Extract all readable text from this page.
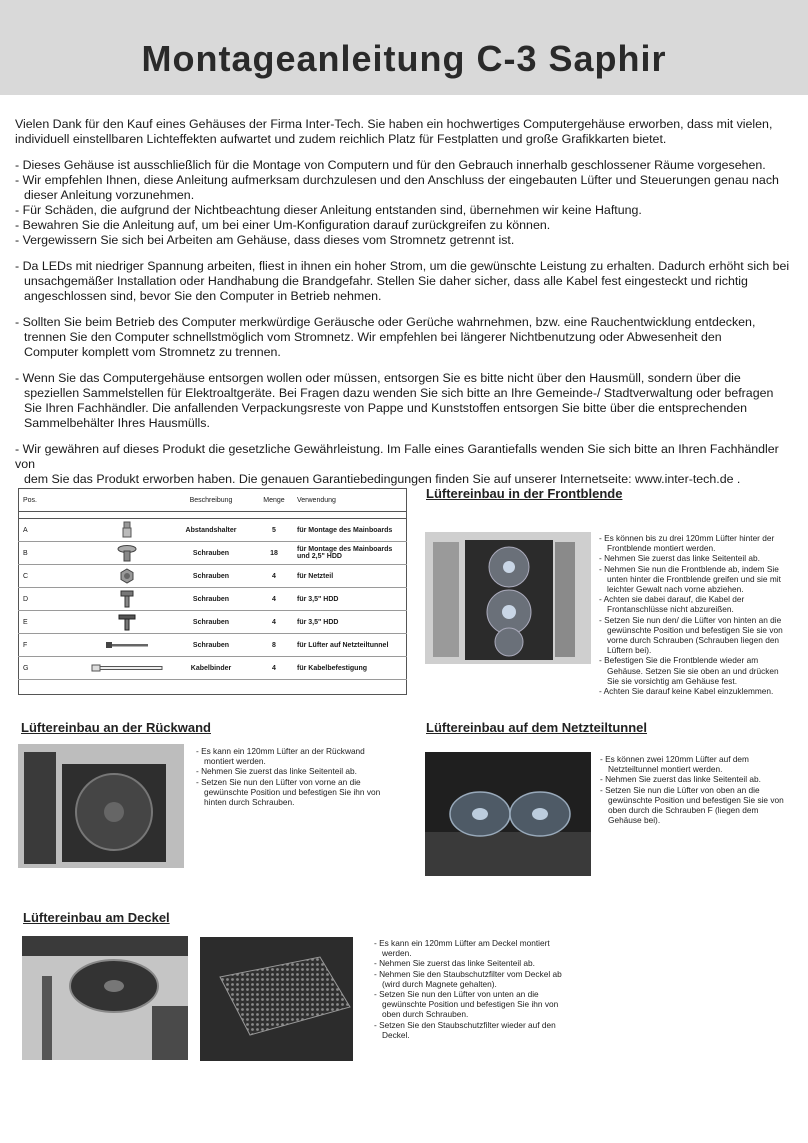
Montageanleitung C-3 Saphir

Vielen Dank für den Kauf eines Gehäuses der Firma Inter-Tech. Sie haben ein hochwertiges Computergehäuse erworben, dass mit vielen,
individuell einstellbaren Lichteffekten aufwartet und zudem reichlich Platz für Festplatten und große Grafikkarten bietet.

- Dieses Gehäuse ist ausschließlich für die Montage von Computern und für den Gebrauch innerhalb geschlossener Räume vorgesehen.
- Wir empfehlen Ihnen, diese Anleitung aufmerksam durchzulesen und den Anschluss der eingebauten Lüfter und Steuerungen genau nach
dieser Anleitung vorzunehmen.
- Für Schäden, die aufgrund der Nichtbeachtung dieser Anleitung entstanden sind, übernehmen wir keine Haftung.
- Bewahren Sie die Anleitung auf, um bei einer Um-Konfiguration darauf zurückgreifen zu können.
- Vergewissern Sie sich bei Arbeiten am Gehäuse, dass dieses vom Stromnetz getrennt ist.

- Da LEDs mit niedriger Spannung arbeiten, fliest in ihnen ein hoher Strom, um die gewünschte Leistung zu erhalten. Dadurch erhöht sich bei
unsachgemäßer Installation oder Handhabung die Brandgefahr. Stellen Sie daher sicher, dass alle Kabel fest eingesteckt und richtig
angeschlossen sind, bevor Sie den Computer in Betrieb nehmen.

- Sollten Sie beim Betrieb des Computer merkwürdige Geräusche oder Gerüche wahrnehmen, bzw. eine Rauchentwicklung entdecken,
trennen Sie den Computer schnellstmöglich vom Stromnetz. Wir empfehlen bei längerer Nichtbenutzung oder Abwesenheit den
Computer komplett vom Stromnetz zu trennen.

- Wenn Sie das Computergehäuse entsorgen wollen oder müssen, entsorgen Sie es bitte nicht über den Hausmüll, sondern über die
speziellen Sammelstellen für Elektroaltgeräte. Bei Fragen dazu wenden Sie sich bitte an Ihre Gemeinde-/ Stadtverwaltung oder befragen
Sie Ihren Fachhändler. Die anfallenden Verpackungsreste von Pappe und Kunststoffen entsorgen Sie bitte über die entsprechenden
Sammelbehälter Ihres Hausmülls.

- Wir gewähren auf dieses Produkt die gesetzliche Gewährleistung. Im Falle eines Garantiefalls wenden Sie sich bitte an Ihren Fachhändler von
dem Sie das Produkt erworben haben. Die genauen Garantiebedingungen finden Sie auf unserer Internetseite: www.inter-tech.de .

Pos.		Beschreibung	Menge	Verwendung

A		Abstandshalter	5	für Montage des Mainboards
B		Schrauben	18	für Montage des Mainboards und 2,5" HDD
C		Schrauben	4	für Netzteil
D		Schrauben	4	für 3,5" HDD
E		Schrauben	4	für 3,5" HDD
F		Schrauben	8	für Lüfter auf Netzteiltunnel
G		Kabelbinder	4	für Kabelbefestigung

Lüftereinbau in der Frontblende
- Es können bis zu drei 120mm Lüfter hinter der Frontblende montiert werden.
- Nehmen Sie zuerst das linke Seitenteil ab.
- Nehmen Sie nun die Frontblende ab, indem Sie unten hinter die Frontblende greifen und sie mit leichter Gewalt nach vorne abziehen.
- Achten sie dabei darauf, die Kabel der Frontanschlüsse nicht abzureißen.
- Setzen Sie nun den/ die Lüfter von hinten an die gewünschte Position und befestigen Sie sie von vorne durch Schrauben (Schrauben liegen den Lüftern bei).
- Befestigen Sie die Frontblende wieder am Gehäuse. Setzen Sie sie oben an und drücken Sie sie vorsichtig am Gehäuse fest.
- Achten Sie darauf keine Kabel einzuklemmen.
Lüftereinbau an der Rückwand
- Es kann ein 120mm Lüfter an der Rückwand montiert werden.
- Nehmen Sie zuerst das linke Seitenteil ab.
- Setzen Sie nun den Lüfter von vorne an die gewünschte Position und befestigen Sie ihn von hinten durch Schrauben.
Lüftereinbau auf dem Netzteiltunnel
- Es können zwei 120mm Lüfter auf dem Netzteiltunnel montiert werden.
- Nehmen Sie zuerst das linke Seitenteil ab.
- Setzen Sie nun die Lüfter von oben an die gewünschte Position und befestigen Sie sie von oben durch die Schrauben F (liegen dem Gehäuse bei).
Lüftereinbau am Deckel
- Es kann ein 120mm Lüfter am Deckel montiert werden.
- Nehmen Sie zuerst das linke Seitenteil ab.
- Nehmen Sie den Staubschutzfilter vom Deckel ab (wird durch Magnete gehalten).
- Setzen Sie nun den Lüfter von unten an die gewünschte Position und befestigen Sie ihn von oben durch Schrauben.
- Setzen Sie den Staubschutzfilter wieder auf den Deckel.
